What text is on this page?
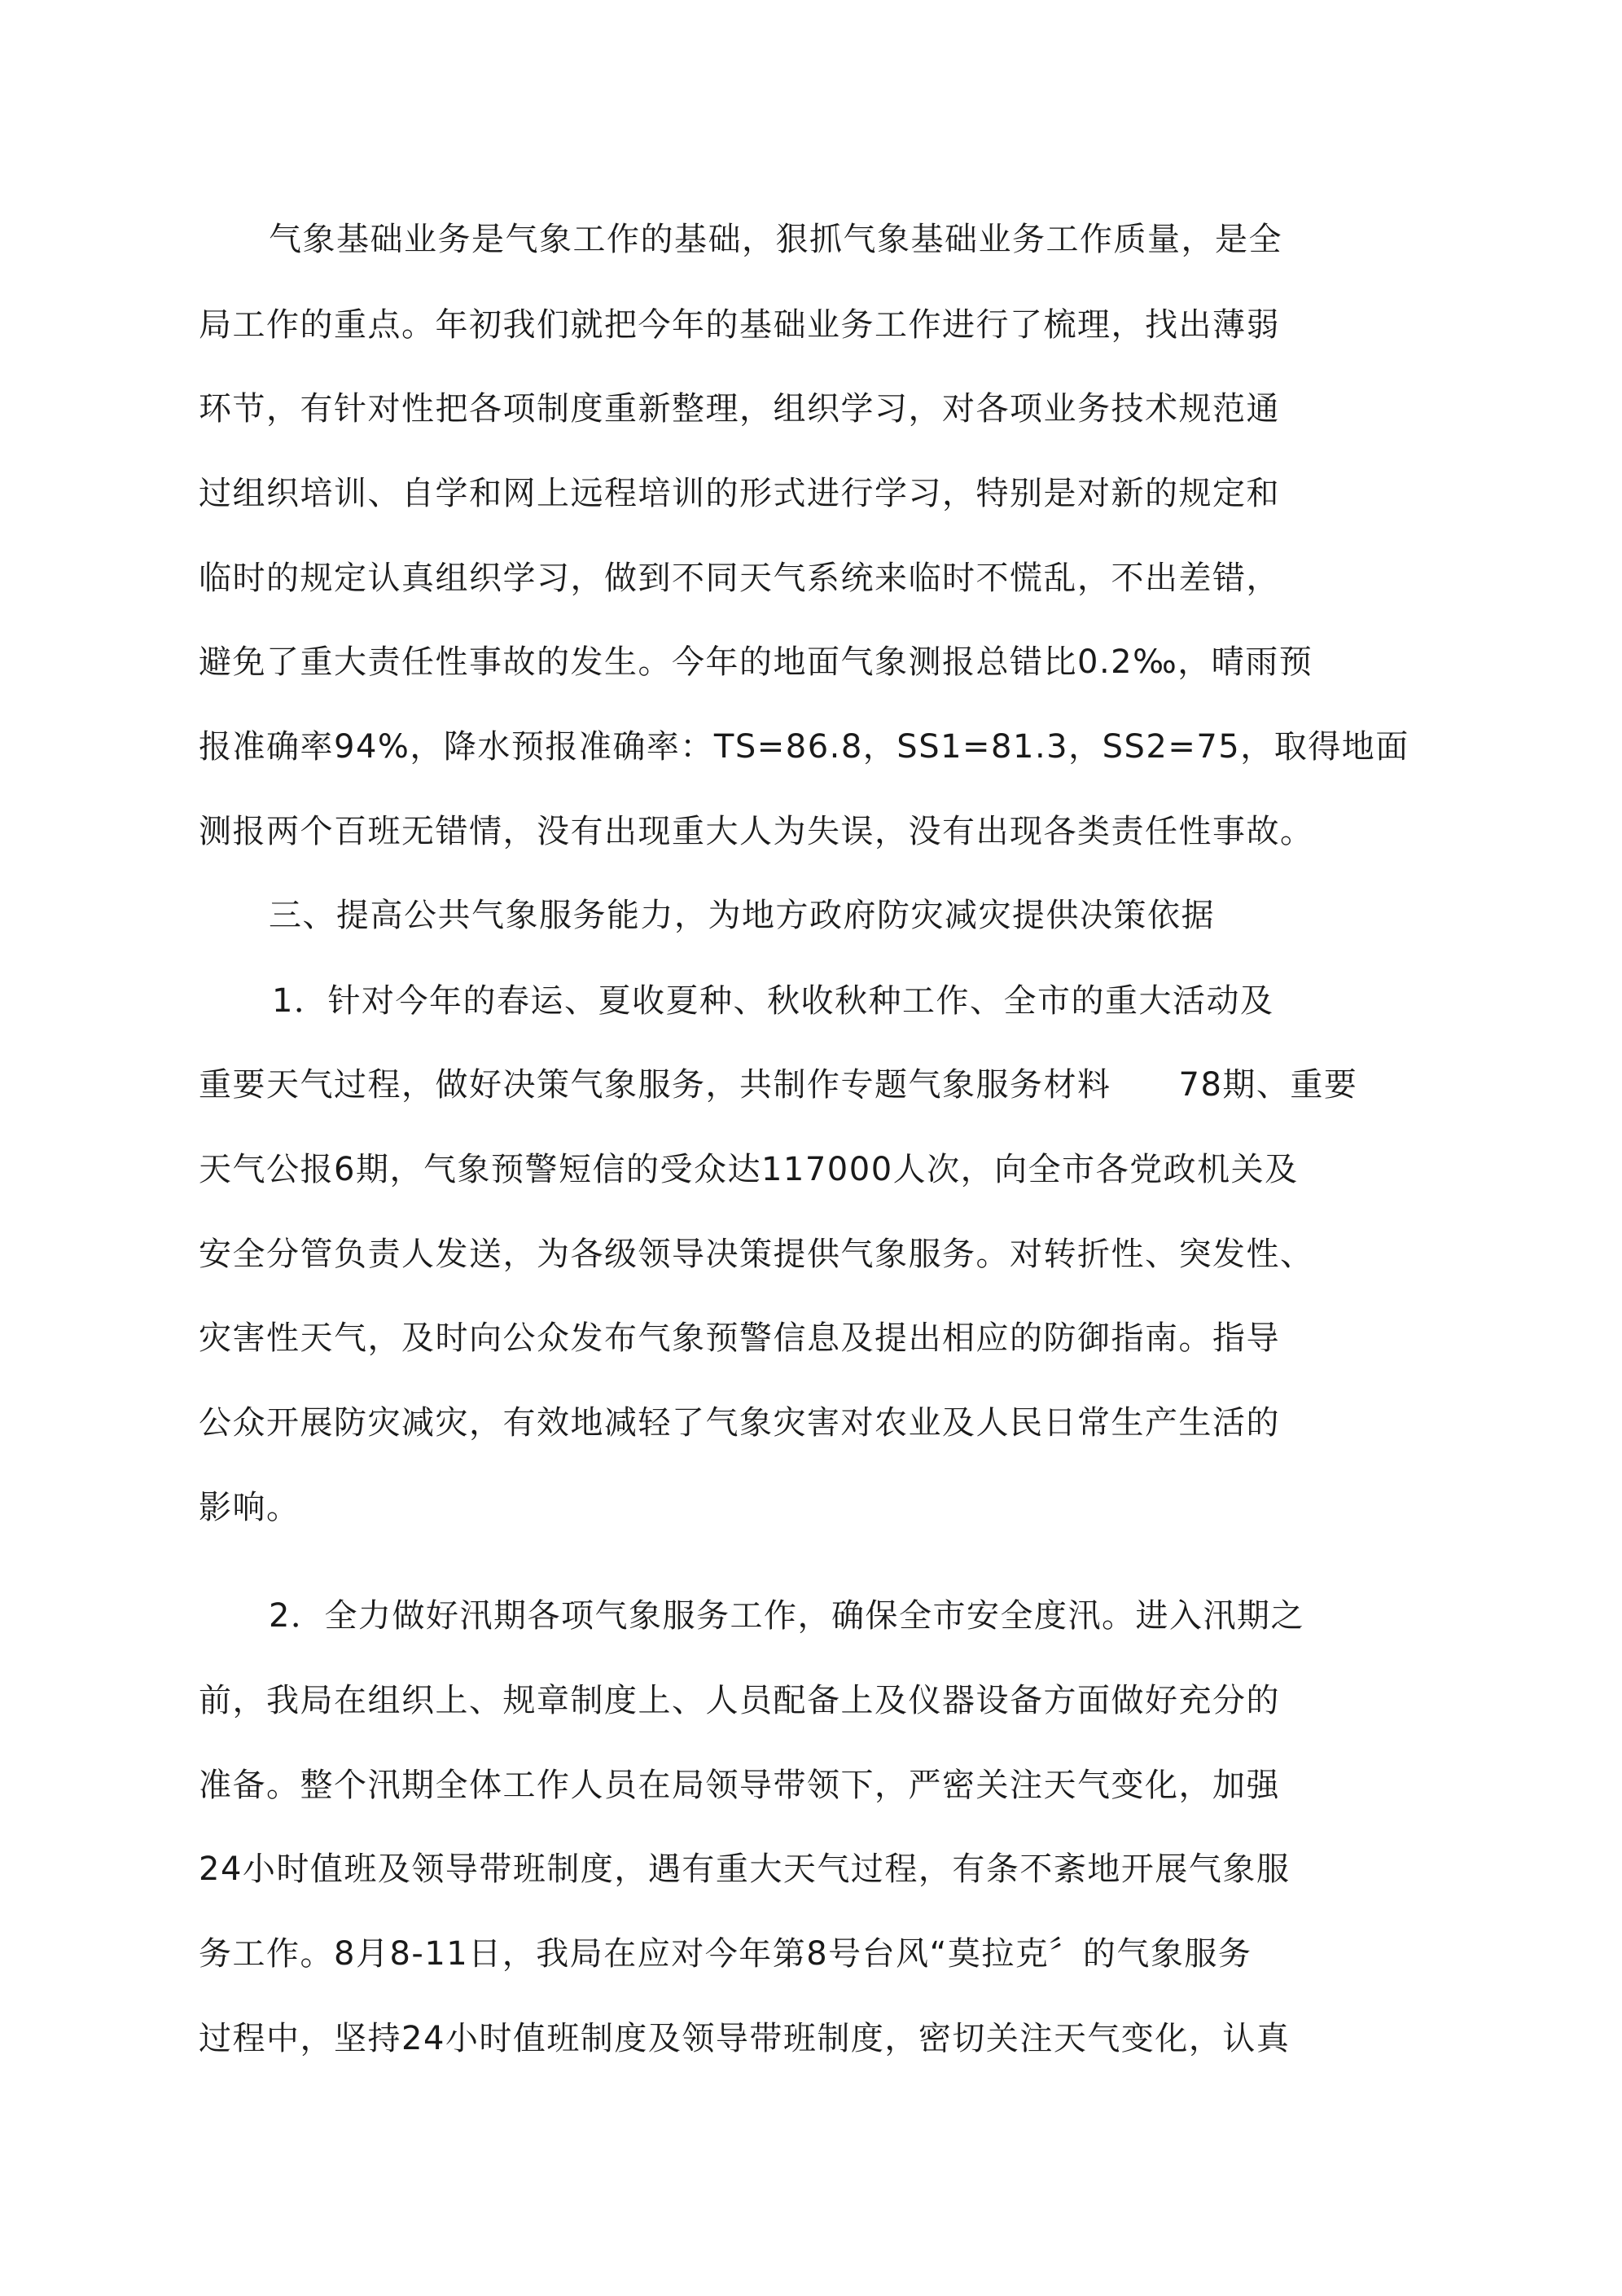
气象基础业务是气象工作的基础，狠抓气象基础业务工作质量，是全
局工作的重点。年初我们就把今年的基础业务工作进行了梳理，找出薄弱
环节，有针对性把各项制度重新整理，组织学习，对各项业务技术规范通
过组织培训、自学和网上远程培训的形式进行学习，特别是对新的规定和
临时的规定认真组织学习，做到不同天气系统来临时不慌乱，不出差错，
避免了重大责任性事故的发生。今年的地面气象测报总错比0.2‰，晴雨预
报准确率94%，降水预报准确率：TS=86.8，SS1=81.3，SS2=75，取得地面
测报两个百班无错情，没有出现重大人为失误，没有出现各类责任性事故。
三、提高公共气象服务能力，为地方政府防灾减灾提供决策依据
1．针对今年的春运、夏收夏种、秋收秋种工作、全市的重大活动及
重要天气过程，做好决策气象服务，共制作专题气象服务材料　　78期、重要
天气公报6期，气象预警短信的受众达117000人次，向全市各党政机关及
安全分管负责人发送，为各级领导决策提供气象服务。对转折性、突发性、
灾害性天气，及时向公众发布气象预警信息及提出相应的防御指南。指导
公众开展防灾减灾，有效地减轻了气象灾害对农业及人民日常生产生活的
影响。
2．全力做好汛期各项气象服务工作，确保全市安全度汛。进入汛期之
前，我局在组织上、规章制度上、人员配备上及仪器设备方面做好充分的
准备。整个汛期全体工作人员在局领导带领下，严密关注天气变化，加强
24小时值班及领导带班制度，遇有重大天气过程，有条不紊地开展气象服
务工作。8月8-11日，我局在应对今年第8号台风“莫拉克〞的气象服务
过程中，坚持24小时值班制度及领导带班制度，密切关注天气变化，认真
